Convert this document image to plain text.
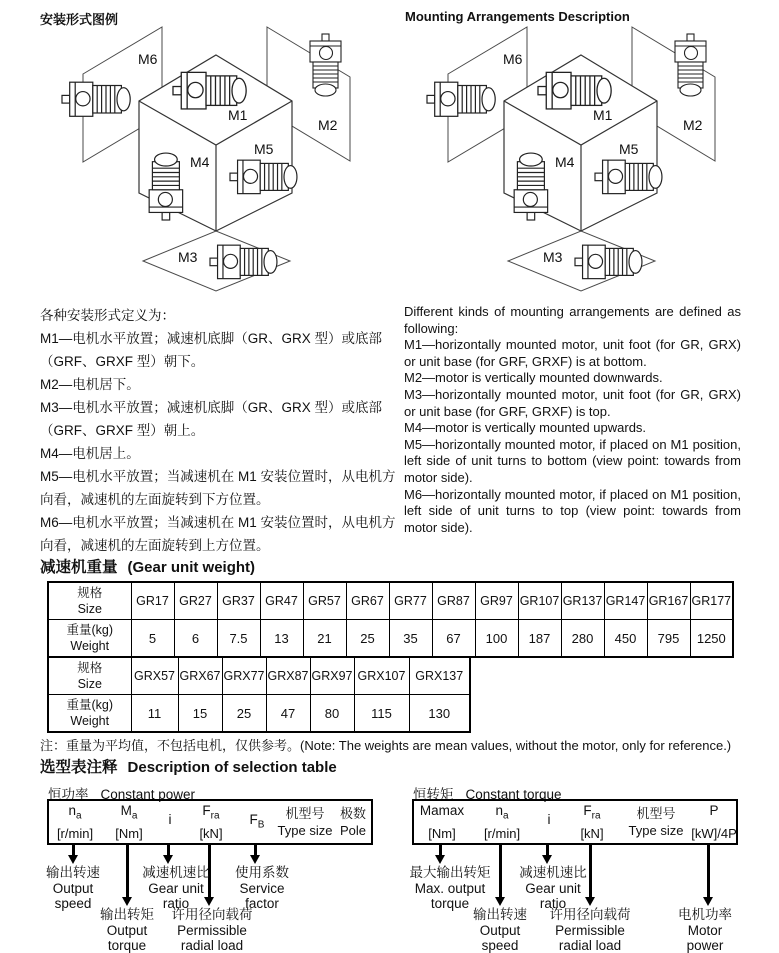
安装形式图例	Mounting Arrangements Description
M1
M2
M3
M4
M5
M6
M1
M2
M3
M4
M5
M6

各种安装形式定义为：

M1—电机水平放置；减速机底脚（GR、GRX 型）或底部（GRF、GRXF 型）朝下。

M2—电机居下。

M3—电机水平放置；减速机底脚（GR、GRX 型）或底部（GRF、GRXF 型）朝上。

M4—电机居上。

M5—电机水平放置；当减速机在 M1 安装位置时，从电机方向看，减速机的左面旋转到下方位置。

M6—电机水平放置；当减速机在 M1 安装位置时，从电机方向看，减速机的左面旋转到上方位置。

Different kinds of mounting arrangements are defined as following:

M1—horizontally mounted motor, unit foot (for GR, GRX) or unit base (for GRF, GRXF) is at bottom.

M2—motor is vertically mounted downwards.

M3—horizontally mounted motor, unit foot (for GR, GRX) or unit base (for GRF, GRXF) is top.

M4—motor is vertically mounted upwards.

M5—horizontally mounted motor, if placed on M1 position, left side of unit turns to bottom (view point: towards from motor side).

M6—horizontally mounted motor, if placed on M1 position, left side of unit turns to top (view point: towards from motor side).

减速机重量 (Gear unit weight)
规格
Size	GR17	GR27	GR37	GR47	GR57	GR67	GR77	GR87	GR97	GR107	GR137	GR147	GR167	GR177

重量(kg)
Weight	5	6	7.5	13	21	25	35	67	100	187	280	450	795	1250
规格
Size	GRX57	GRX67	GRX77	GRX87	GRX97	GRX107	GRX137

重量(kg)
Weight	11	15	25	47	80	115	130
注：重量为平均值，不包括电机，仅供参考。(Note: The weights are mean values, without the motor, only for reference.)
选型表注释 Description of selection table
恒功率 Constant power
$n_a$
[r/min]
$M_a$
[Nm]
i
$F_{ra}$
[kN]
$F_B$
机型号
Type size
极数
Pole
输出转速
Output
speed
减速机速比
Gear unit
ratio
使用系数
Service
factor
输出转矩
Output
torque
许用径向载荷
Permissible
radial load
恒转矩 Constant torque
Mamax
[Nm]
$n_a$
[r/min]
i
$F_{ra}$
[kN]
机型号
Type size
P
[kW]/4P
最大输出转矩
Max. output
torque
减速机速比
Gear unit
ratio
输出转速
Output
speed
许用径向载荷
Permissible
radial load
电机功率
Motor
power
